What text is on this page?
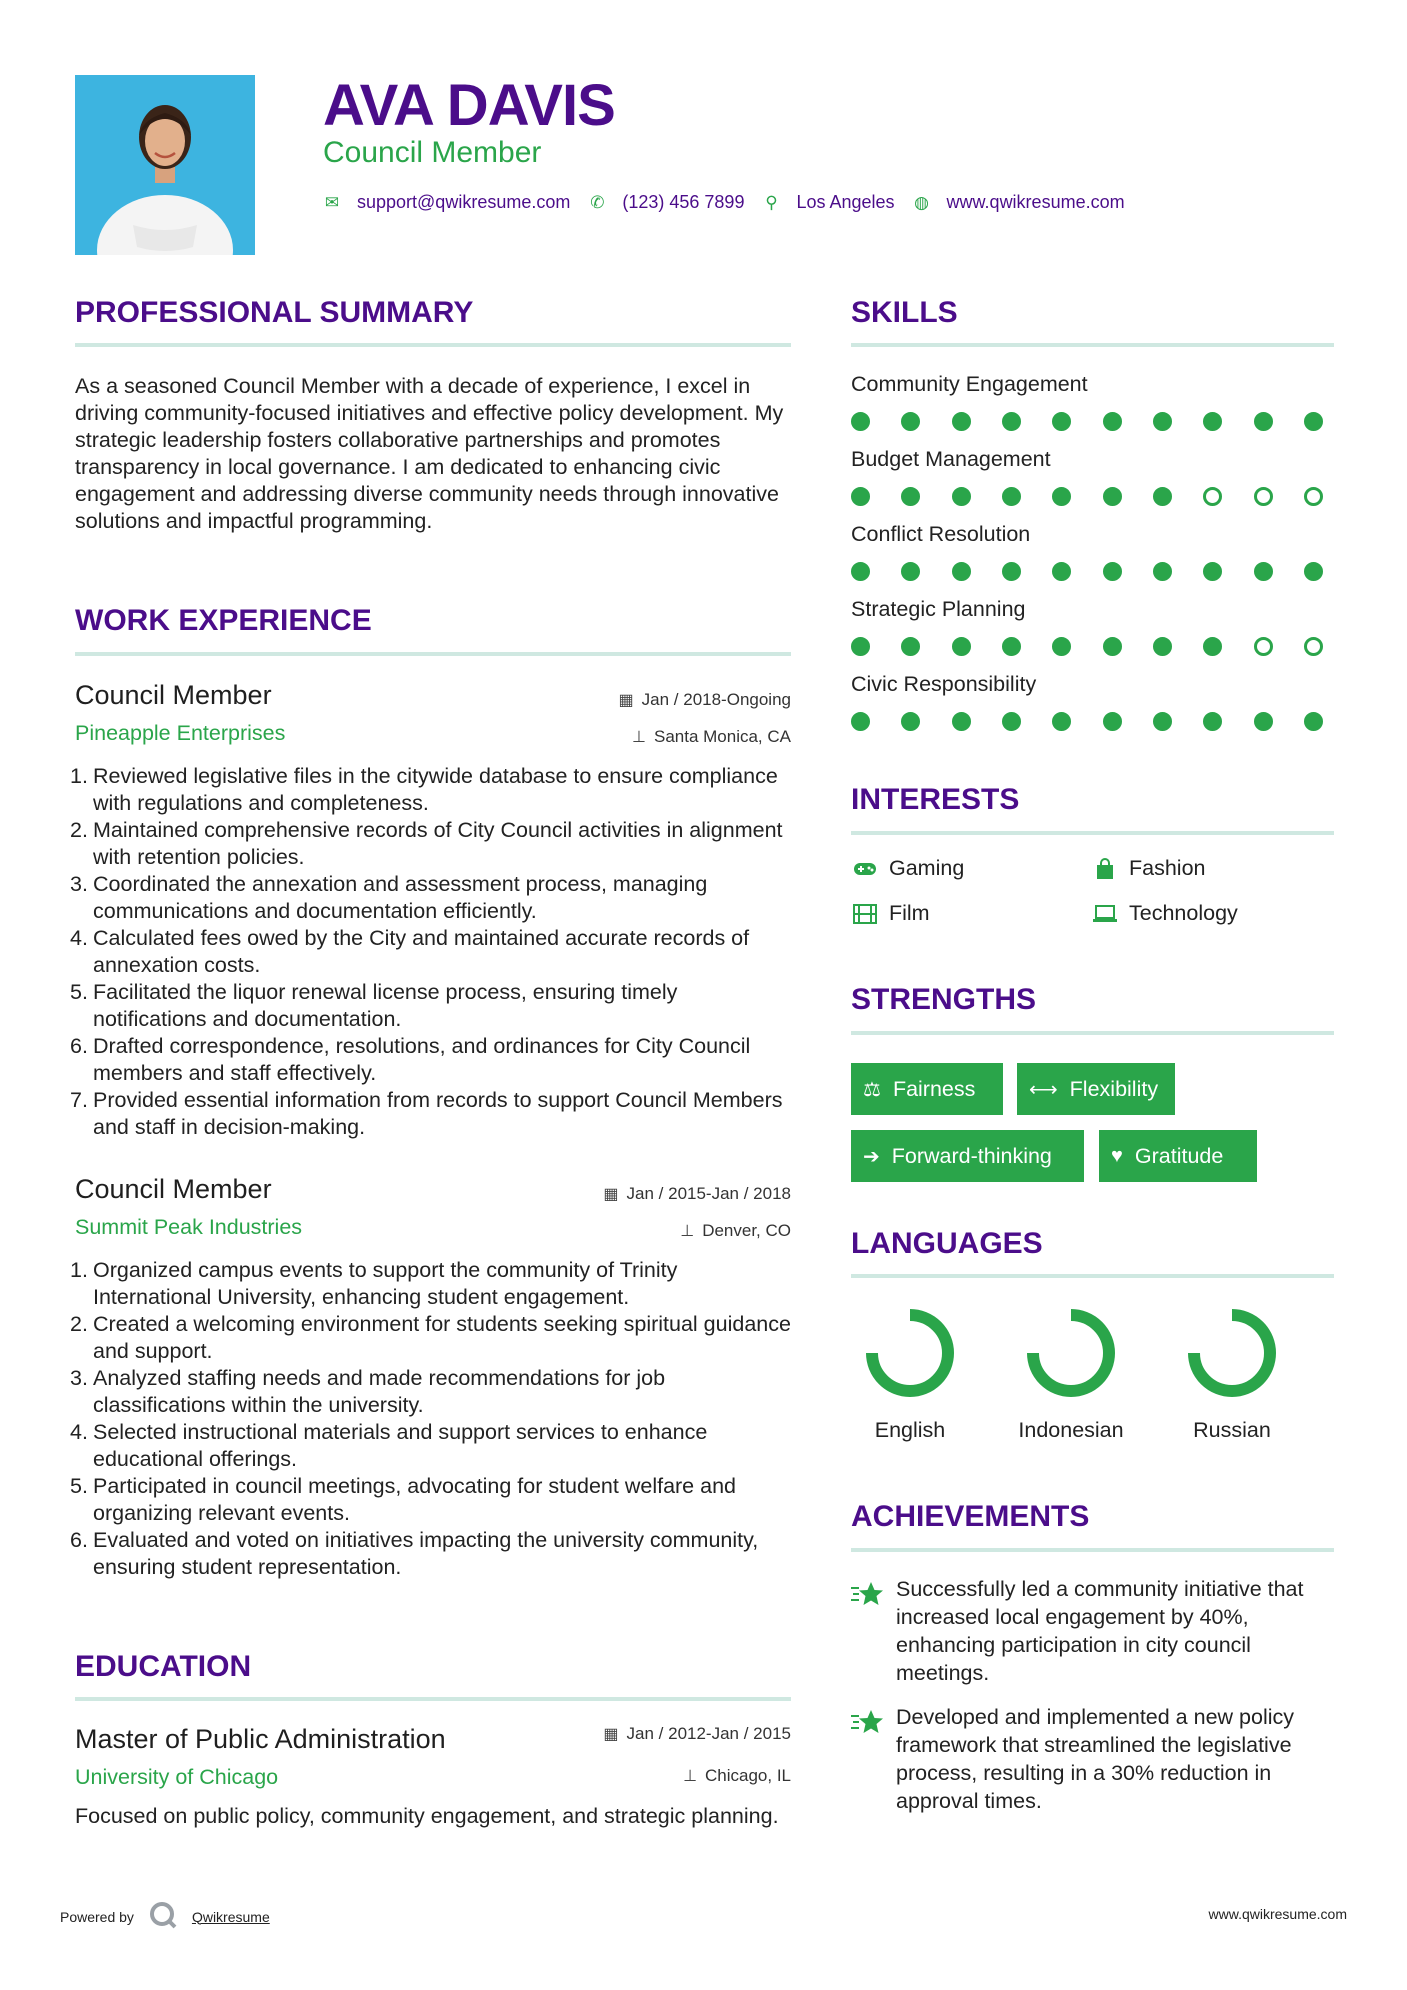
AVA DAVIS
Council Member
✉ support@qwikresume.com ✆ (123) 456 7899 ⚲ Los Angeles ◍ www.qwikresume.com
PROFESSIONAL SUMMARY
As a seasoned Council Member with a decade of experience, I excel in driving community-focused initiatives and effective policy development. My strategic leadership fosters collaborative partnerships and promotes transparency in local governance. I am dedicated to enhancing civic engagement and addressing diverse community needs through innovative solutions and impactful programming.
WORK EXPERIENCE
Council Member	▦ Jan / 2018-Ongoing
Pineapple Enterprises	⊥ Santa Monica, CA
1. Reviewed legislative files in the citywide database to ensure compliance with regulations and completeness.
2. Maintained comprehensive records of City Council activities in alignment with retention policies.
3. Coordinated the annexation and assessment process, managing communications and documentation efficiently.
4. Calculated fees owed by the City and maintained accurate records of annexation costs.
5. Facilitated the liquor renewal license process, ensuring timely notifications and documentation.
6. Drafted correspondence, resolutions, and ordinances for City Council members and staff effectively.
7. Provided essential information from records to support Council Members and staff in decision-making.
Council Member	▦ Jan / 2015-Jan / 2018
Summit Peak Industries	⊥ Denver, CO
1. Organized campus events to support the community of Trinity International University, enhancing student engagement.
2. Created a welcoming environment for students seeking spiritual guidance and support.
3. Analyzed staffing needs and made recommendations for job classifications within the university.
4. Selected instructional materials and support services to enhance educational offerings.
5. Participated in council meetings, advocating for student welfare and organizing relevant events.
6. Evaluated and voted on initiatives impacting the university community, ensuring student representation.
EDUCATION
Master of Public Administration	▦ Jan / 2012-Jan / 2015
University of Chicago	⊥ Chicago, IL
Focused on public policy, community engagement, and strategic planning.
SKILLS
Community Engagement
Budget Management
Conflict Resolution
Strategic Planning
Civic Responsibility
INTERESTS
Gaming	Fashion
Film	Technology
STRENGTHS
⚖ Fairness	⟷ Flexibility
➔ Forward-thinking	♥ Gratitude
LANGUAGES
English	Indonesian	Russian
ACHIEVEMENTS
Successfully led a community initiative that increased local engagement by 40%, enhancing participation in city council meetings.
Developed and implemented a new policy framework that streamlined the legislative process, resulting in a 30% reduction in approval times.
Powered by	Qwikresume	www.qwikresume.com
